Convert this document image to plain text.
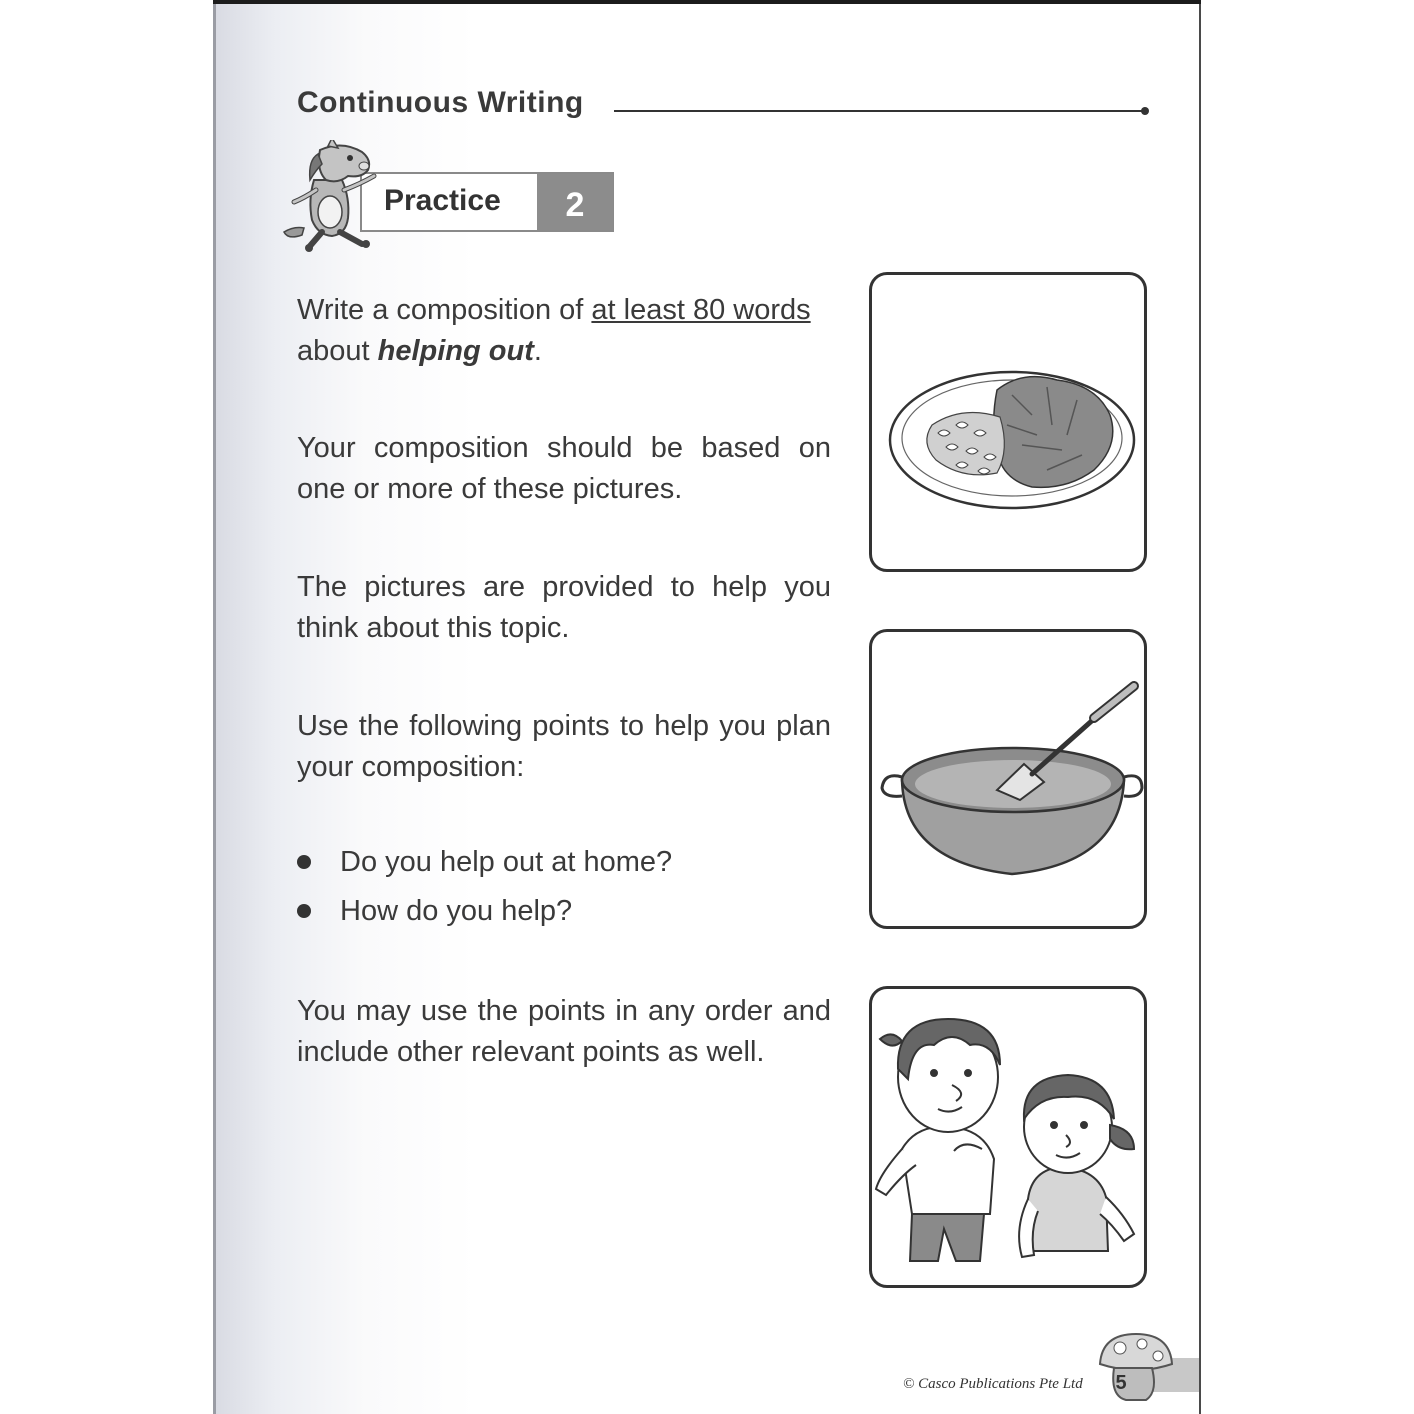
Continuous Writing
Practice	2
Write a composition of at least 80 words
about helping out.
Your composition should be based on one or more of these pictures.
The pictures are provided to help you think about this topic.
Use the following points to help you plan your composition:
Do you help out at home?
How do you help?
You may use the points in any order and include other relevant points as well.
© Casco Publications Pte Ltd	5
